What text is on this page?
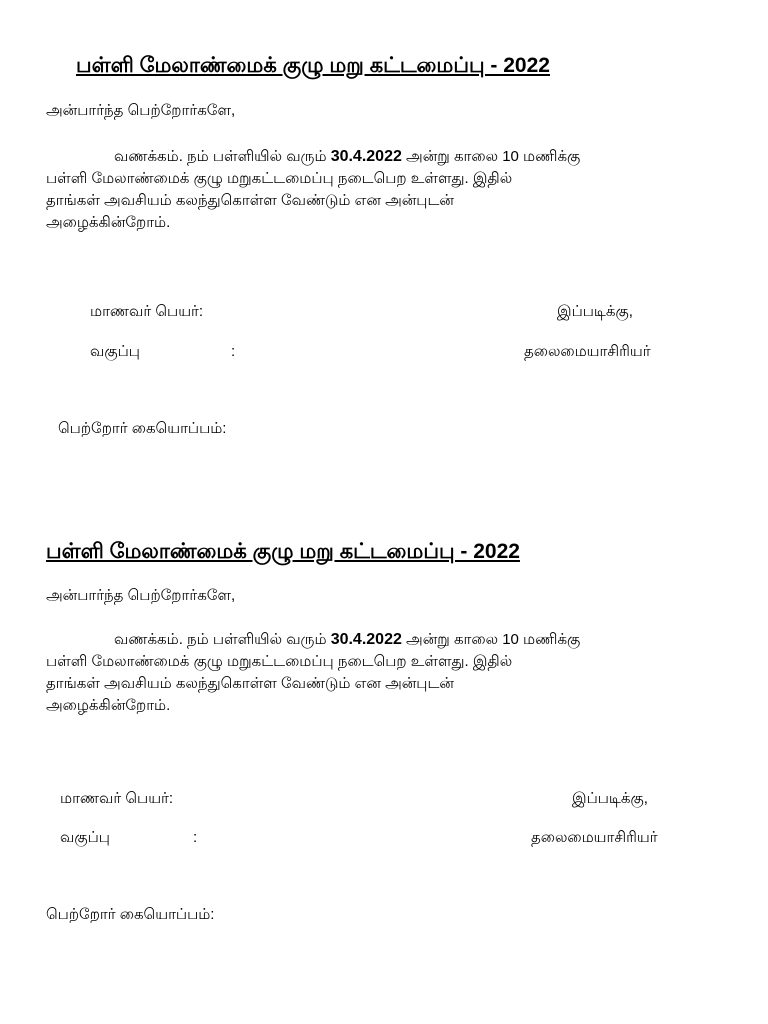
பள்ளி மேலாண்மைக் குழு மறு கட்டமைப்பு - 2022
அன்பார்ந்த பெற்றோர்களே,

வணக்கம். நம் பள்ளியில் வரும் 30.4.2022 அன்று காலை 10 மணிக்கு
பள்ளி மேலாண்மைக் குழு மறுகட்டமைப்பு நடைபெற உள்ளது. இதில்
தாங்கள் அவசியம் கலந்துகொள்ள வேண்டும் என அன்புடன்
அழைக்கின்றோம்.

மாணவர் பெயர்:
வகுப்பு	:
இப்படிக்கு,
தலைமையாசிரியர்
பெற்றோர் கையொப்பம்:
பள்ளி மேலாண்மைக் குழு மறு கட்டமைப்பு - 2022
அன்பார்ந்த பெற்றோர்களே,

வணக்கம். நம் பள்ளியில் வரும் 30.4.2022 அன்று காலை 10 மணிக்கு
பள்ளி மேலாண்மைக் குழு மறுகட்டமைப்பு நடைபெற உள்ளது. இதில்
தாங்கள் அவசியம் கலந்துகொள்ள வேண்டும் என அன்புடன்
அழைக்கின்றோம்.

மாணவர் பெயர்:
வகுப்பு	:
இப்படிக்கு,
தலைமையாசிரியர்
பெற்றோர் கையொப்பம்:
